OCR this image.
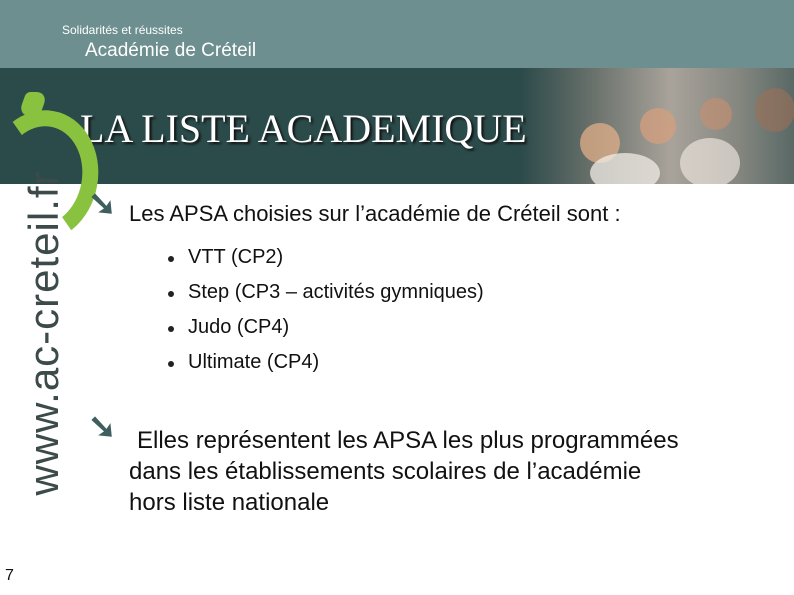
Solidarités et réussites
Académie de Créteil
LA LISTE ACADEMIQUE
www.ac-creteil.fr ➘ Les APSA choisies sur l’académie de Créteil sont :
VTT (CP2)
Step (CP3 – activités gymniques)
Judo (CP4)
Ultimate (CP4)
➘ Elles représentent les APSA les plus programmées
dans les établissements scolaires de l’académie
hors liste nationale
7
